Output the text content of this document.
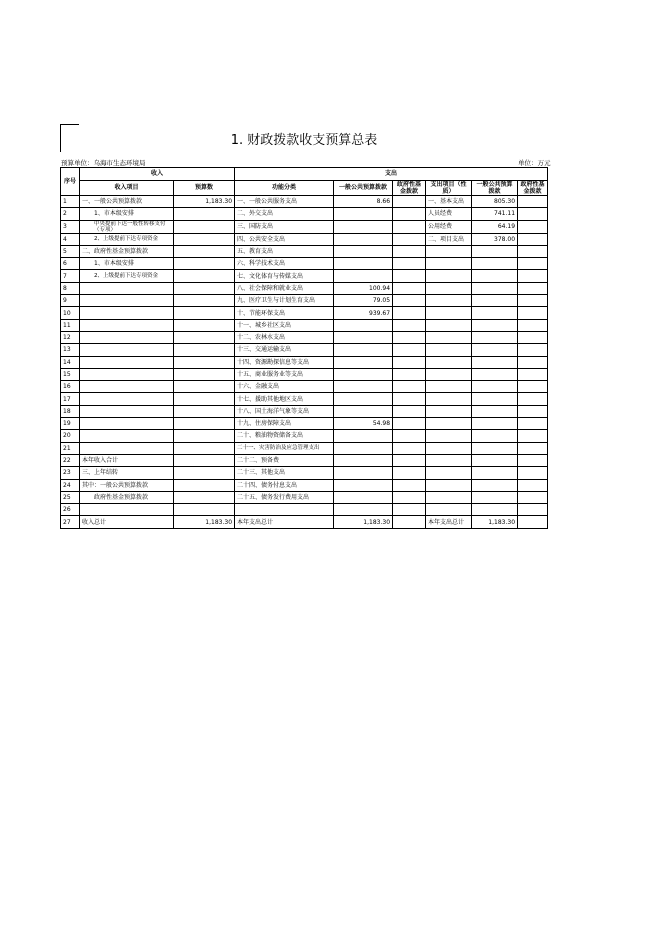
1. 财政拨款收支预算总表
预算单位：乌海市生态环境局	单位：万元
序号	收入		支出					
	收入项目	预算数	功能分类	一般公共预算拨款	政府性基金拨款	支出项目（性质）	一般公共预算拨款	政府性基金拨款
1	一、一般公共预算拨款	1,183.30	一、一般公共服务支出	8.66		一、基本支出	805.30	
2	1、市本级安排		二、外交支出			人员经费	741.11	
3	中央提前下达一般性转移支付（专项）		三、国防支出			公用经费	64.19	
4	2、上级提前下达专项资金		四、公共安全支出			二、项目支出	378.00	
5	二、政府性基金预算拨款		五、教育支出					
6	1、市本级安排		六、科学技术支出					
7	2、上级提前下达专项资金		七、文化体育与传媒支出					
8			八、社会保障和就业支出	100.94				
9			九、医疗卫生与计划生育支出	79.05				
10			十、节能环保支出	939.67				
11			十一、城乡社区支出					
12			十二、农林水支出					
13			十三、交通运输支出					
14			十四、资源勘探信息等支出					
15			十五、商业服务业等支出					
16			十六、金融支出					
17			十七、援助其他地区支出					
18			十八、国土海洋气象等支出					
19			十九、住房保障支出	54.98				
20			二十、粮油物资储备支出					
21			二十一、灾害防治及应急管理支出					
22	本年收入合计		二十二、预备费					
23	三、上年结转		二十三、其他支出					
24	其中：一般公共预算拨款		二十四、债务付息支出					
25	政府性基金预算拨款		二十五、债务发行费用支出					
26								
27	收入总计	1,183.30	本年支出总计	1,183.30		本年支出总计	1,183.30	
